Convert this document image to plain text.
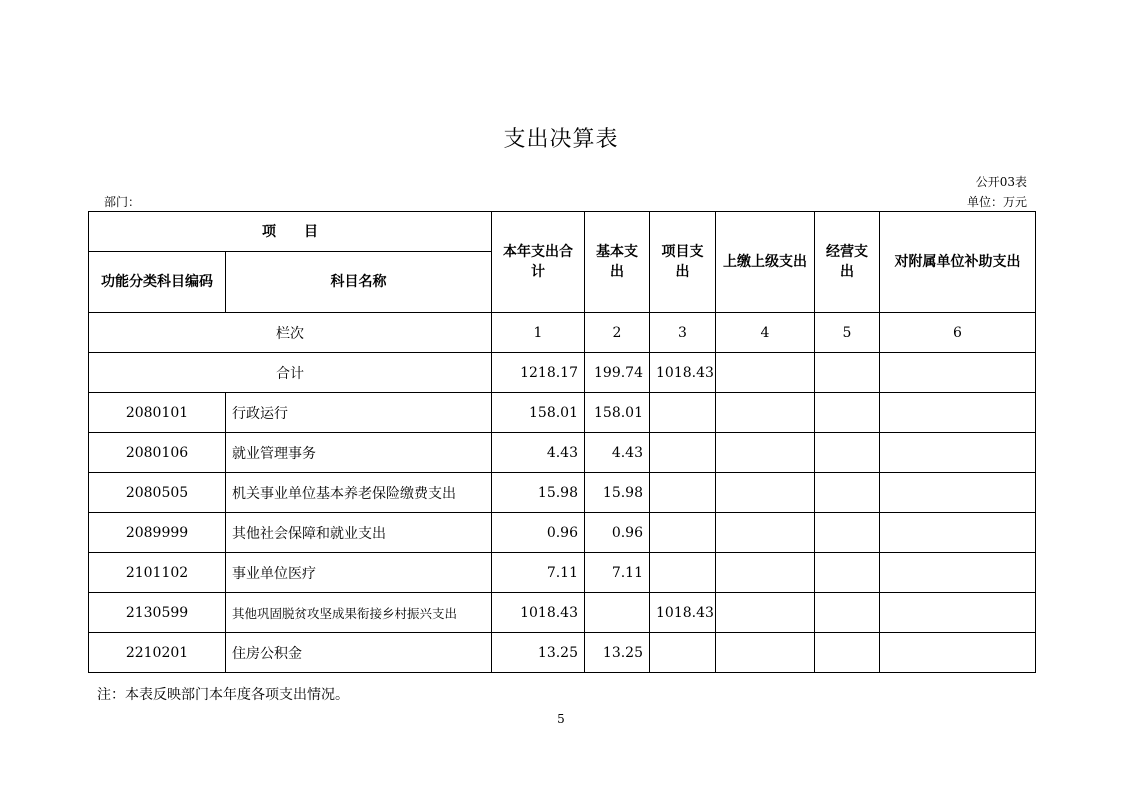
支出决算表
公开03表
部门：	单位：万元
项　　目		本年支出合计	基本支出	项目支出	上缴上级支出	经营支出	对附属单位补助支出
功能分类科目编码	科目名称						
栏次		1	2	3	4	5	6
合计		1218.17	199.74	1018.43			
2080101	行政运行	158.01	158.01				
2080106	就业管理事务	4.43	4.43				
2080505	机关事业单位基本养老保险缴费支出	15.98	15.98				
2089999	其他社会保障和就业支出	0.96	0.96				
2101102	事业单位医疗	7.11	7.11				
2130599	其他巩固脱贫攻坚成果衔接乡村振兴支出	1018.43		1018.43			
2210201	住房公积金	13.25	13.25				
注：本表反映部门本年度各项支出情况。
5
